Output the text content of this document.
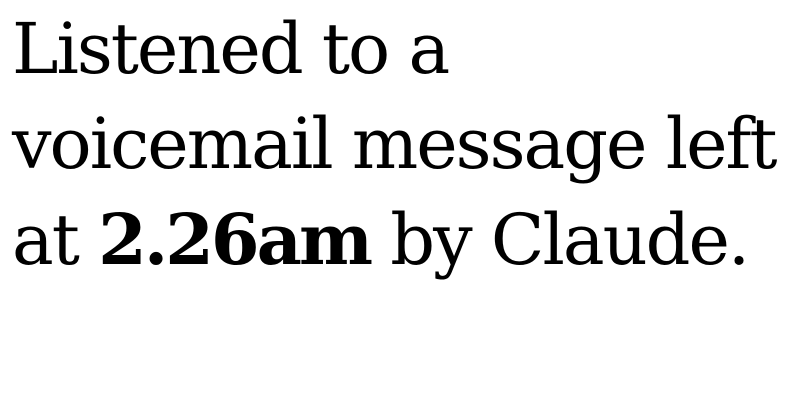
Listened to a
voicemail message left
at 2.26am by Claude.
